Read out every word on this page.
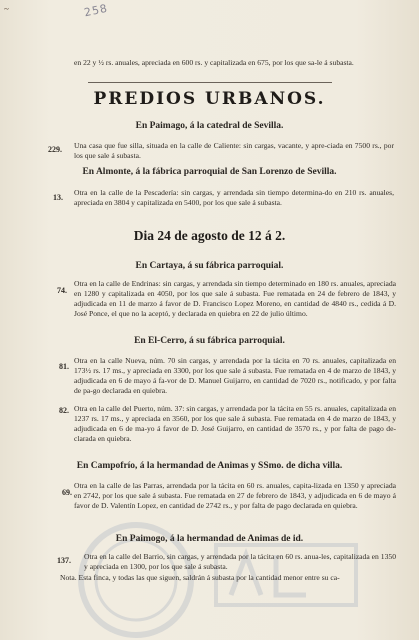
~	258
en 22 y ½ rs. anuales, apreciada en 600 rs. y capitalizada en 675, por los que sa-le á subasta.
PREDIOS URBANOS.
En Paimago, á la catedral de Sevilla.
229. Una casa que fue silla, situada en la calle de Caliente: sin cargas, vacante, y apre-ciada en 7500 rs., por los que sale á subasta.
En Almonte, á la fábrica parroquial de San Lorenzo de Sevilla.
13.
Otra en la calle de la Pescadería: sin cargas, y arrendada sin tiempo determina-do en 210 rs. anuales, apreciada en 3804 y capitalizada en 5400, por los que sale á subasta.
Dia 24 de agosto de 12 á 2.
En Cartaya, á su fábrica parroquial.
74.
Otra en la calle de Endrinas: sin cargas, y arrendada sin tiempo determinado en 180 rs. anuales, apreciada en 1280 y capitalizada en 4050, por los que sale á subasta. Fue rematada en 24 de febrero de 1843, y adjudicada en 11 de marzo á favor de D. Francisco Lopez Moreno, en cantidad de 4840 rs., cedida á D. José Ponce, el que no la aceptó, y declarada en quiebra en 22 de julio último.
En El-Cerro, á su fábrica parroquial.
81.
Otra en la calle Nueva, núm. 70 sin cargas, y arrendada por la tácita en 70 rs. anuales, capitalizada en 173½ rs. 17 ms., y apreciada en 3300, por los que sale á subasta. Fue rematada en 4 de marzo de 1843, y adjudicada en 6 de mayo á fa-vor de D. Manuel Guijarro, en cantidad de 7020 rs., notificado, y por falta de pa-go declarada en quiebra.
82. Otra en la calle del Puerto, núm. 37: sin cargas, y arrendada por la tácita en 55 rs. anuales, capitalizada en 1237 rs. 17 ms., y apreciada en 3560, por los que sale á subasta. Fue rematada en 4 de marzo de 1843, y adjudicada en 6 de ma-yo á favor de D. José Guijarro, en cantidad de 3570 rs., y por falta de pago de-clarada en quiebra.
En Campofrío, á la hermandad de Animas y SSmo. de dicha villa.
69.
Otra en la calle de las Parras, arrendada por la tácita en 60 rs. anuales, capita-lizada en 1350 y apreciada en 2742, por los que sale á subasta. Fue rematada en 27 de febrero de 1843, y adjudicada en 6 de mayo á favor de D. Valentín Lopez, en cantidad de 2742 rs., y por falta de pago declarada en quiebra.
En Paimogo, á la hermandad de Animas de id.
137. Otra en la calle del Barrio, sin cargas, y arrendada por la tácita en 60 rs. anua-les, capitalizada en 1350 y apreciada en 1300, por los que sale á subasta.
Nota. Esta finca, y todas las que siguen, saldrán á subasta por la cantidad menor entre su ca-
